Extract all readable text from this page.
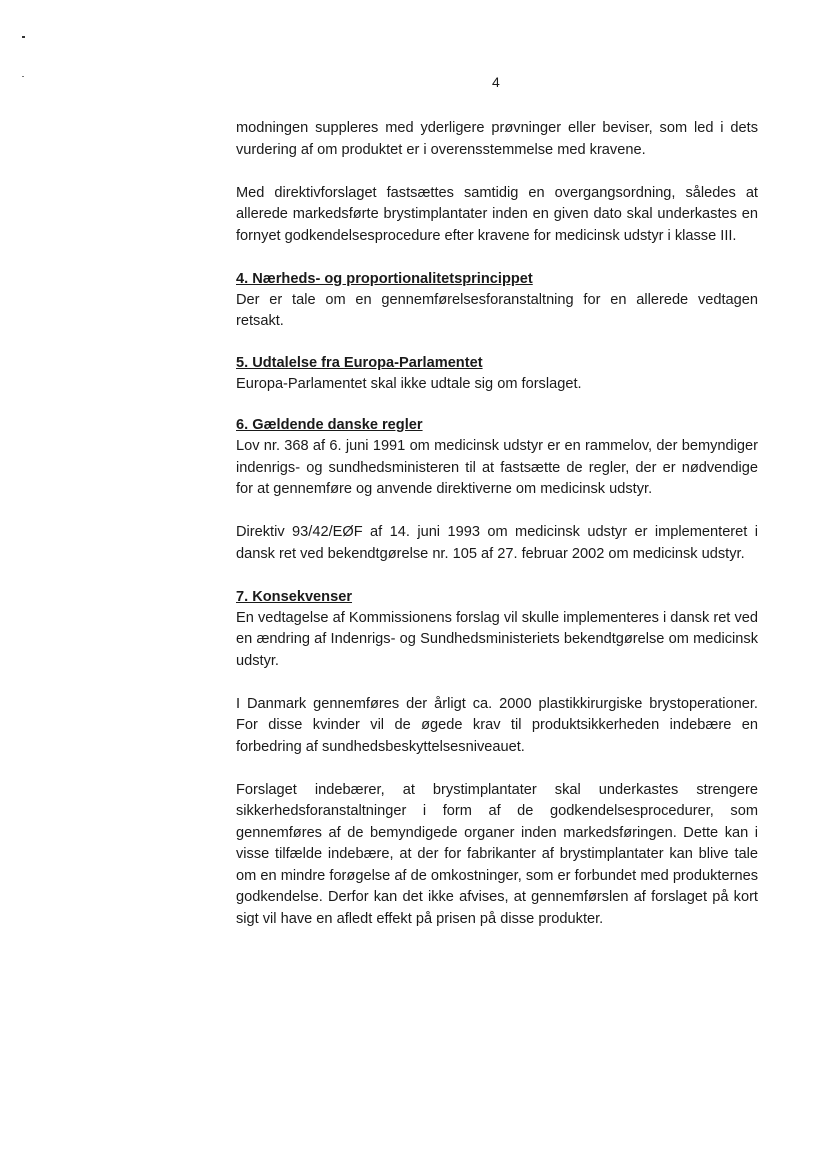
4

modningen suppleres med yderligere prøvninger eller beviser, som led i dets vurdering af om produktet er i overensstemmelse med kravene.

Med direktivforslaget fastsættes samtidig en overgangsordning, således at allerede markedsførte brystimplantater inden en given dato skal underkastes en fornyet godkendelsesprocedure efter kravene for medicinsk udstyr i klasse III.

4. Nærheds- og proportionalitetsprincippet

Der er tale om en gennemførelsesforanstaltning for en allerede vedtagen retsakt.

5. Udtalelse fra Europa-Parlamentet

Europa-Parlamentet skal ikke udtale sig om forslaget.

6. Gældende danske regler

Lov nr. 368 af 6. juni 1991 om medicinsk udstyr er en rammelov, der bemyndiger indenrigs- og sundhedsministeren til at fastsætte de regler, der er nødvendige for at gennemføre og anvende direktiverne om medicinsk udstyr.

Direktiv 93/42/EØF af 14. juni 1993 om medicinsk udstyr er implementeret i dansk ret ved bekendtgørelse nr. 105 af 27. februar 2002 om medicinsk udstyr.

7. Konsekvenser

En vedtagelse af Kommissionens forslag vil skulle implementeres i dansk ret ved en ændring af Indenrigs- og Sundhedsministeriets bekendtgørelse om medicinsk udstyr.

I Danmark gennemføres der årligt ca. 2000 plastikkirurgiske brystoperationer. For disse kvinder vil de øgede krav til produktsikkerheden indebære en forbedring af sundhedsbeskyttelsesniveauet.

Forslaget indebærer, at brystimplantater skal underkastes strengere sikkerhedsforanstaltninger i form af de godkendelsesprocedurer, som gennemføres af de bemyndigede organer inden markedsføringen. Dette kan i visse tilfælde indebære, at der for fabrikanter af brystimplantater kan blive tale om en mindre forøgelse af de omkostninger, som er forbundet med produkternes godkendelse. Derfor kan det ikke afvises, at gennemførslen af forslaget på kort sigt vil have en afledt effekt på prisen på disse produkter.
